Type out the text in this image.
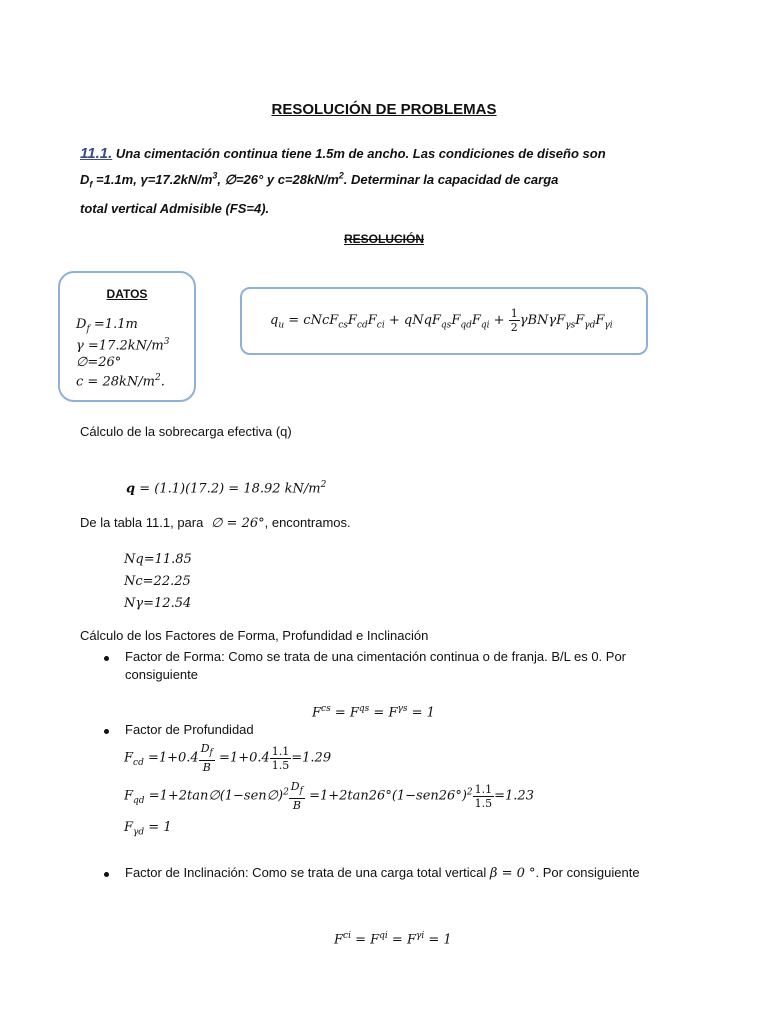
RESOLUCIÓN DE PROBLEMAS
11.1. Una cimentación continua tiene 1.5m de ancho. Las condiciones de diseño son
$D_f =1.1m$, $\gamma=17.2kN/m^3$, ∅=26° y $c=28kN/m^2$. Determinar la capacidad de carga
total vertical Admisible (FS=4).
RESOLUCIÓN
DATOS
$D_f =1.1m$
$\gamma =17.2kN/m^3$
∅=26°
$c = 28kN/m^2$.
$q_u$ = $cNcF_{cs}F_{cd}F_{ci}$ + $qNqF_{qs}F_{qd}F_{qi} + \frac{1}{2} \gamma BN\gamma F_{\gamma s}F_{\gamma d}F_{\gamma i}$
Cálculo de la sobrecarga efectiva (q)
q = (1.1)(17.2) = 18.92 $kN/m^2$
De la tabla 11.1, para  ∅ = 26°, encontramos.
Nq=11.85
Nc=22.25
Nγ=12.54
Cálculo de los Factores de Forma, Profundidad e Inclinación
Factor de Forma: Como se trata de una cimentación continua o de franja. B/L es 0. Por
consiguiente
$F^{cs} = F^{qs} = F^{\gamma s} = 1$
Factor de Profundidad
$F_{cd} =1+0.4 \frac{D_f}{B} =1+0.4 \frac{1.1}{1.5} =1.29$
$F_{qd}$ =1+2tan∅(1−sen∅)$^2$ $\frac{D_f}{B} =1+2\tan 26^\circ(1-sen26^\circ)^2 \frac{1.1}{1.5} =1.23$
$F_{\gamma d} = 1$
Factor de Inclinación: Como se trata de una carga total vertical β = 0 °. Por consiguiente
$F^{ci} = F^{qi} = F^{\gamma i} = 1$
